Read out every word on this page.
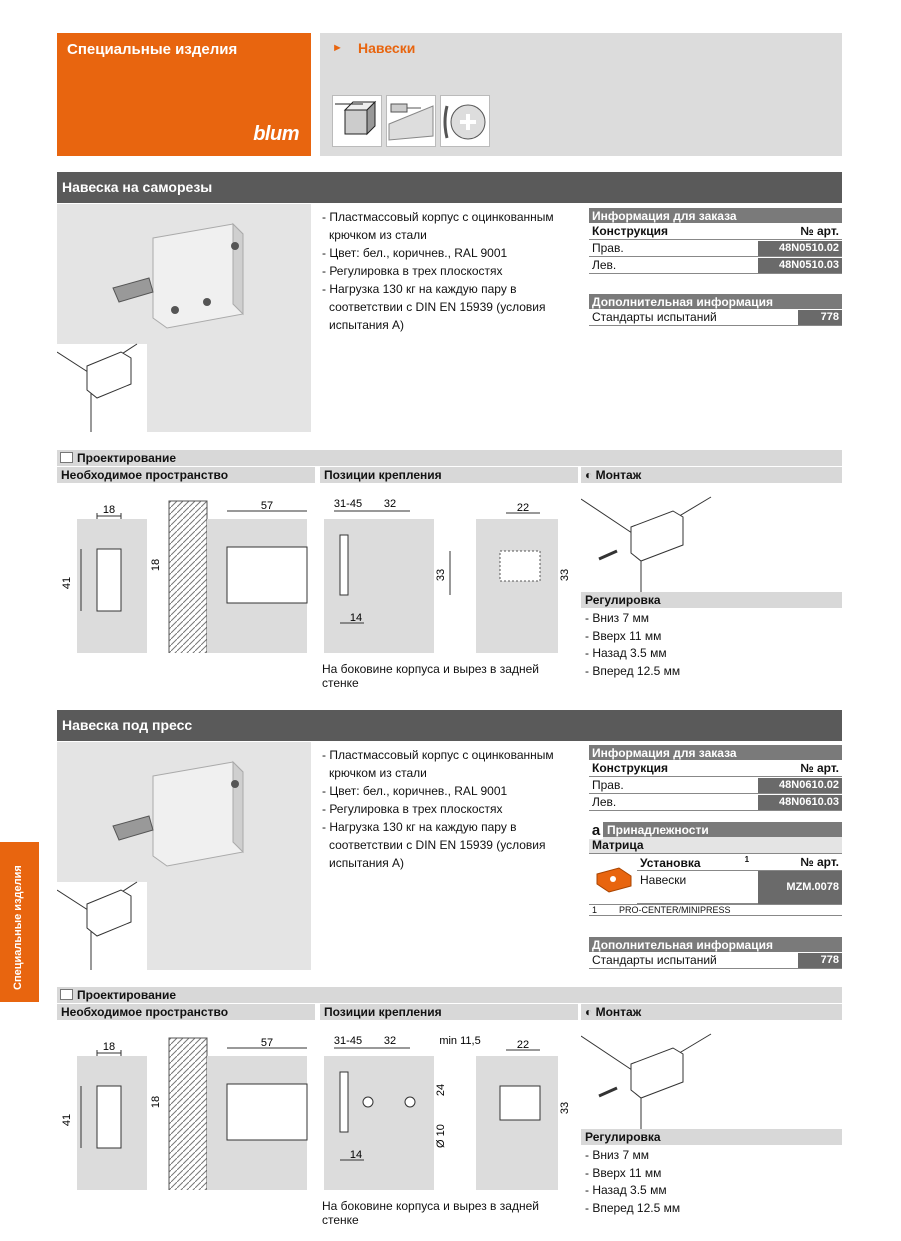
Специальные изделия
blum
► Навески
Специальные изделия
Навеска на саморезы
- Пластмассовый корпус с оцинкованным крючком из стали
- Цвет: бел., коричнев., RAL 9001
- Регулировка в трех плоскостях
- Нагрузка 130 кг на каждую пару в соответствии с DIN EN 15939 (условия испытания A)
Информация для заказа
Конструкция	№ арт.
Прав.	48N0510.02
Лев.	48N0510.03
Дополнительная информация
Стандарты испытаний	778
Проектирование
Необходимое пространство
18
41
57
18
Позиции крепления
31-45 32
14
33
22
33
На боковине корпуса и вырез в задней стенке
◐ Монтаж
Регулировка
- Вниз 7 мм
- Вверх 11 мм
- Назад 3.5 мм
- Вперед 12.5 мм
Навеска под пресс
- Пластмассовый корпус с оцинкованным крючком из стали
- Цвет: бел., коричнев., RAL 9001
- Регулировка в трех плоскостях
- Нагрузка 130 кг на каждую пару в соответствии с DIN EN 15939 (условия испытания A)
Информация для заказа
Конструкция	№ арт.
Прав.	48N0610.02
Лев.	48N0610.03
a Принадлежности
Матрица
Установка	$^1$	№ арт.
Навески	MZM.0078
1	PRO-CENTER/MINIPRESS
Дополнительная информация
Стандарты испытаний	778
Проектирование
Необходимое пространство
18
41
57
18
Позиции крепления
31-45 32	min 11,5
14
24
Ø 10
22
33
На боковине корпуса и вырез в задней стенке
◐ Монтаж
Регулировка
- Вниз 7 мм
- Вверх 11 мм
- Назад 3.5 мм
- Вперед 12.5 мм
